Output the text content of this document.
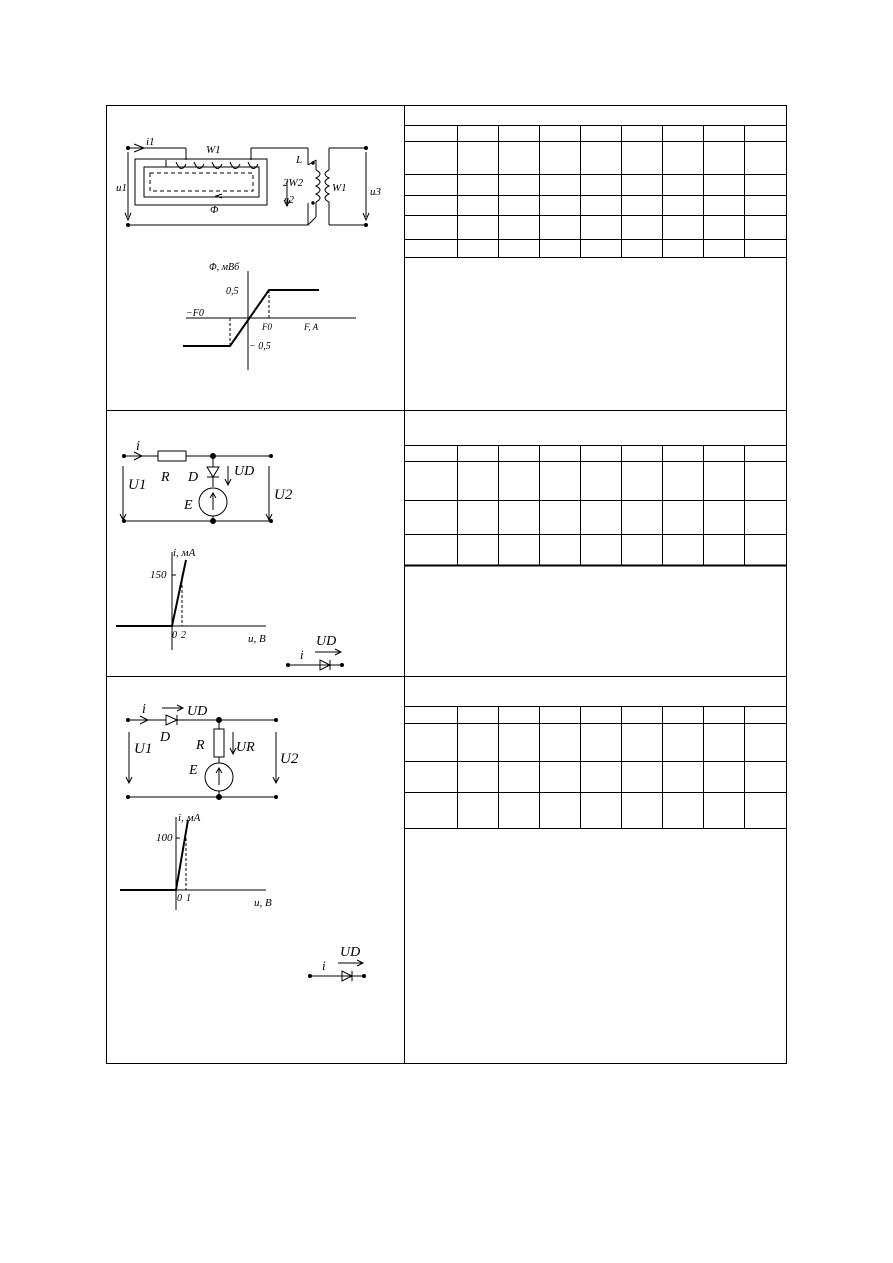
i1
W1
L
2W2	W1
Φ
u1
u2
u3
Φ, мВб
0,5
−F0
F0	F, A
− 0,5
i
R D	UD
E
U1
U2
i, мА
150
0 2	u, B
i
UD
i	UD
D
R UR
E
U1
U2
i, мА
100
0 1	u, B
i
UD
